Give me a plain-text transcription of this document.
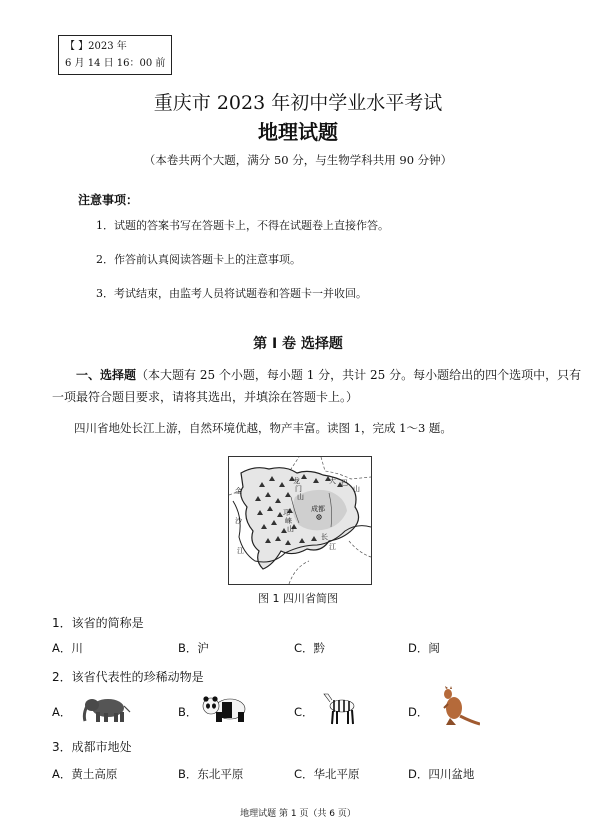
【 】2023 年
6 月 14 日 16：00 前
重庆市 2023 年初中学业水平考试
地理试题
（本卷共两个大题，满分 50 分，与生物学科共用 90 分钟）
注意事项：
1．试题的答案书写在答题卡上，不得在试题卷上直接作答。
2．作答前认真阅读答题卡上的注意事项。
3．考试结束，由监考人员将试题卷和答题卡一并收回。
第 I 卷 选择题
一、选择题（本大题有 25 个小题，每小题 1 分，共计 25 分。每小题给出的四个选项中，只有一项最符合题目要求，请将其选出，并填涂在答题卡上。）
四川省地处长江上游，自然环境优越，物产丰富。读图 1，完成 1～3 题。
金
沙
江
龙
门
山
邛
崃
山
大 巴
山
成都
长
江
图 1 四川省简图
1．该省的简称是
A．川	B．沪	C．黔	D．闽
2．该省代表性的珍稀动物是
A．	B．	C．	D．
3．成都市地处
A．黄土高原	B．东北平原	C．华北平原	D．四川盆地
地理试题 第 1 页（共 6 页）
